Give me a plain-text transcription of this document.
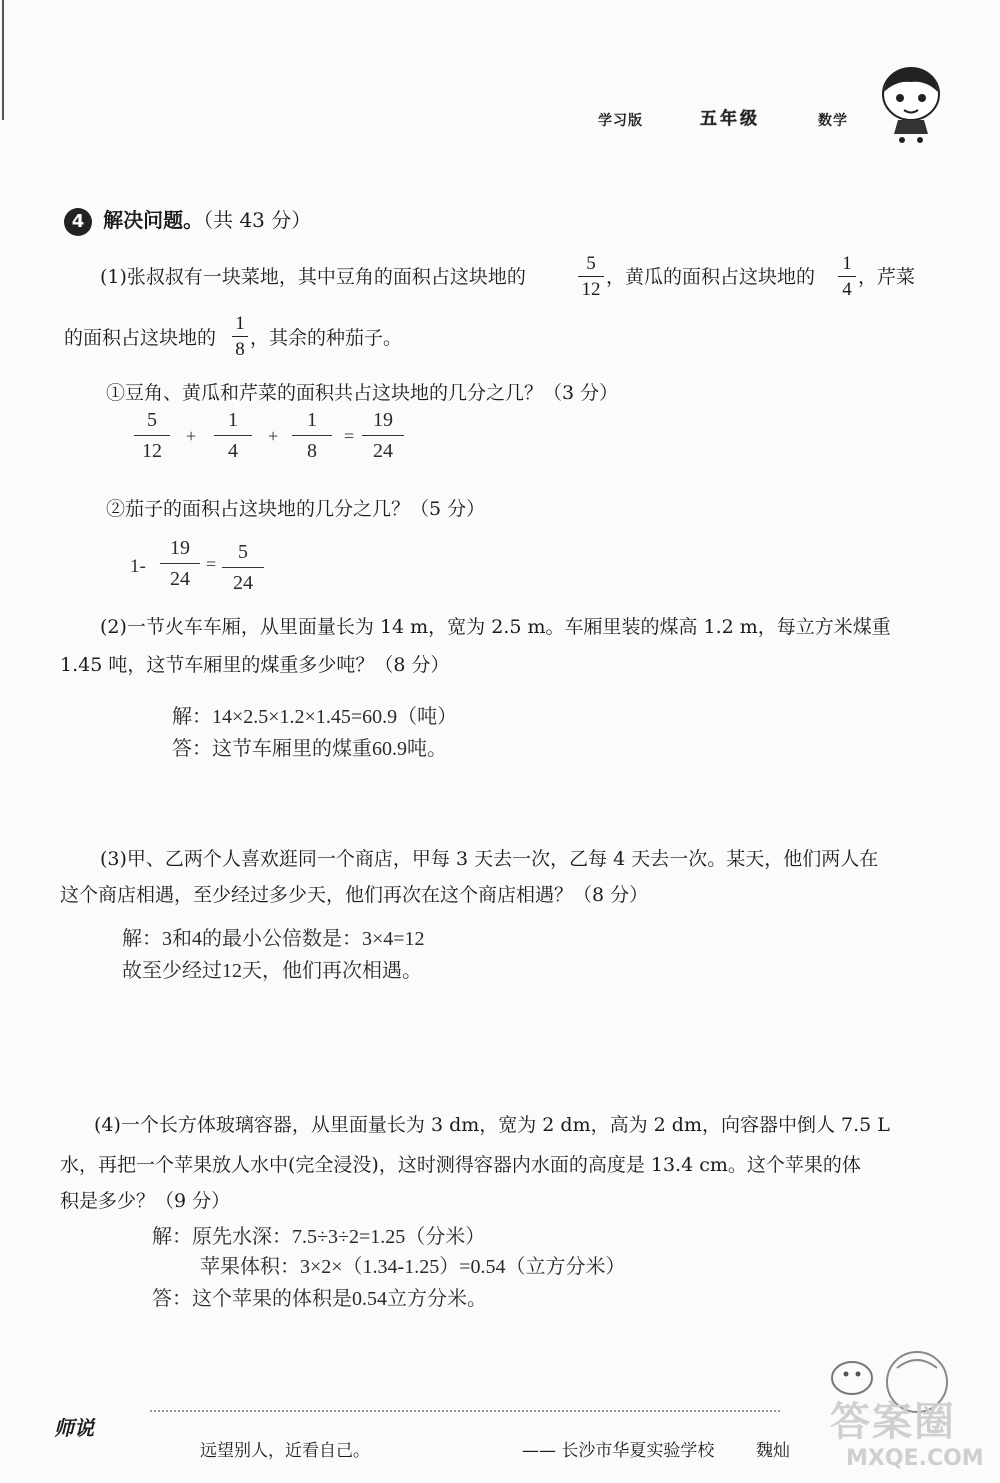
学习版	五年级	数学
4 解决问题。（共 43 分）
(1)张叔叔有一块菜地，其中豆角的面积占这块地的
5
12
，黄瓜的面积占这块地的
1
4
，芹菜
的面积占这块地的
1
8
，其余的种茄子。
①豆角、黄瓜和芹菜的面积共占这块地的几分之几？（3 分）
5
12
+
1
4
+
1
8
=
19
24
②茄子的面积占这块地的几分之几？（5 分）
1-
19
24
=
5
24
(2)一节火车车厢，从里面量长为 14 m，宽为 2.5 m。车厢里装的煤高 1.2 m，每立方米煤重
1.45 吨，这节车厢里的煤重多少吨？（8 分）
解：14×2.5×1.2×1.45=60.9（吨）
答：这节车厢里的煤重60.9吨。
(3)甲、乙两个人喜欢逛同一个商店，甲每 3 天去一次，乙每 4 天去一次。某天，他们两人在
这个商店相遇，至少经过多少天，他们再次在这个商店相遇？（8 分）
解：3和4的最小公倍数是：3×4=12
故至少经过12天，他们再次相遇。
(4)一个长方体玻璃容器，从里面量长为 3 dm，宽为 2 dm，高为 2 dm，向容器中倒人 7.5 L
水，再把一个苹果放人水中(完全浸没)，这时测得容器内水面的高度是 13.4 cm。这个苹果的体
积是多少？（9 分）
解：原先水深：7.5÷3÷2=1.25（分米）
苹果体积：3×2×（1.34-1.25）=0.54（立方分米）
答：这个苹果的体积是0.54立方分米。
师说
远望别人，近看自己。	—— 长沙市华夏实验学校 魏灿
答案圈
MXQE.COM
